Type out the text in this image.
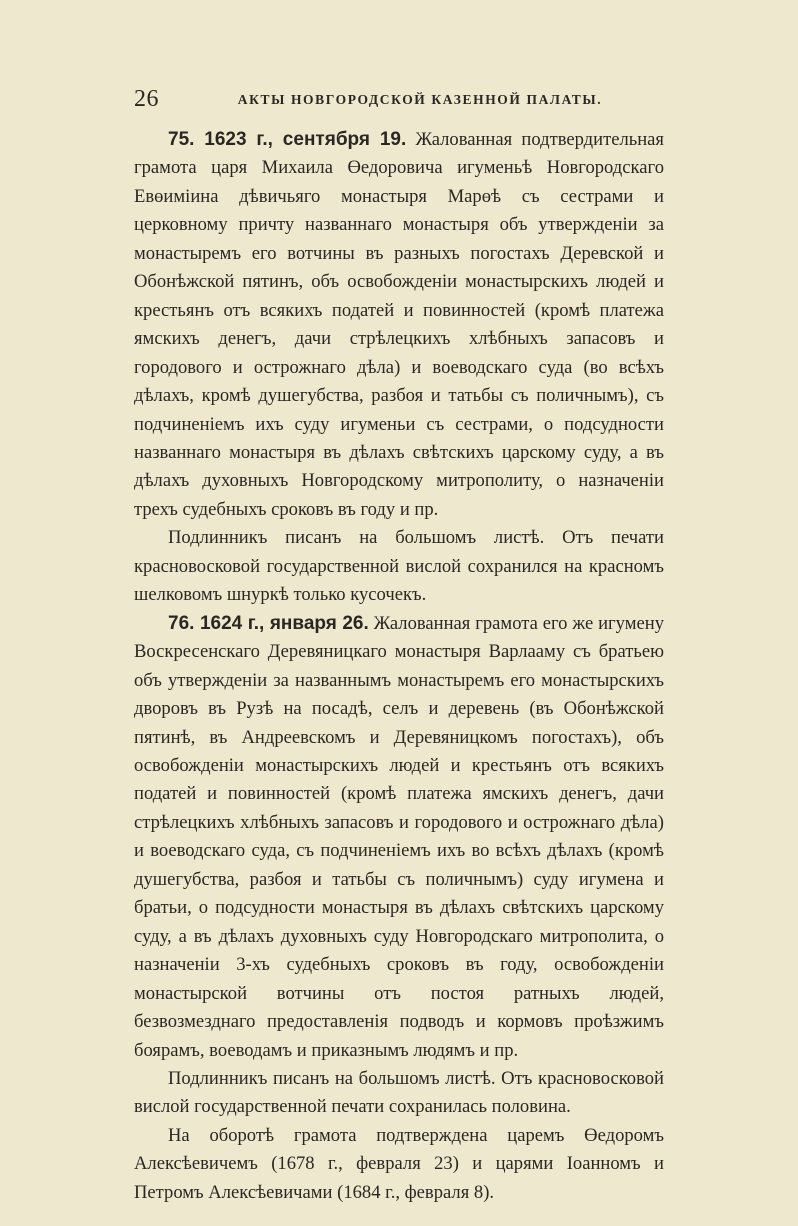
26	АКТЫ НОВГОРОДСКОЙ КАЗЕННОЙ ПАЛАТЫ.

75. 1623 г., сентября 19. Жалованная подтвердительная грамота царя Михаила Өедоровича игуменьѣ Новгородскаго Евөиміина дѣвичьяго монастыря Марөѣ съ сестрами и церковному причту названнаго монастыря объ утвержденіи за монастыремъ его вотчины въ разныхъ погостахъ Деревской и Обонѣжской пятинъ, объ освобожденіи монастырскихъ людей и крестьянъ отъ всякихъ податей и повинностей (кромѣ платежа ямскихъ денегъ, дачи стрѣлецкихъ хлѣбныхъ запасовъ и городового и острожнаго дѣла) и воеводскаго суда (во всѣхъ дѣлахъ, кромѣ душегубства, разбоя и татьбы съ поличнымъ), съ подчиненіемъ ихъ суду игуменьи съ сестрами, о подсудности названнаго монастыря въ дѣлахъ свѣтскихъ царскому суду, а въ дѣлахъ духовныхъ Новгородскому митрополиту, о назначеніи трехъ судебныхъ сроковъ въ году и пр.

Подлинникъ писанъ на большомъ листѣ. Отъ печати красновосковой государственной вислой сохранился на красномъ шелковомъ шнуркѣ только кусочекъ.

76. 1624 г., января 26. Жалованная грамота его же игумену Воскресенскаго Деревяницкаго монастыря Варлааму съ братьею объ утвержденіи за названнымъ монастыремъ его монастырскихъ дворовъ въ Рузѣ на посадѣ, селъ и деревень (въ Обонѣжской пятинѣ, въ Андреевскомъ и Деревяницкомъ погостахъ), объ освобожденіи монастырскихъ людей и крестьянъ отъ всякихъ податей и повинностей (кромѣ платежа ямскихъ денегъ, дачи стрѣлецкихъ хлѣбныхъ запасовъ и городового и острожнаго дѣла) и воеводскаго суда, съ подчиненіемъ ихъ во всѣхъ дѣлахъ (кромѣ душегубства, разбоя и татьбы съ поличнымъ) суду игумена и братьи, о подсудности монастыря въ дѣлахъ свѣтскихъ царскому суду, а въ дѣлахъ духовныхъ суду Новгородскаго митрополита, о назначеніи 3-хъ судебныхъ сроковъ въ году, освобожденіи монастырской вотчины отъ постоя ратныхъ людей, безвозмезднаго предоставленія подводъ и кормовъ проѣзжимъ боярамъ, воеводамъ и приказнымъ людямъ и пр.

Подлинникъ писанъ на большомъ листѣ. Отъ красновосковой вислой государственной печати сохранилась половина.

На оборотѣ грамота подтверждена царемъ Өедоромъ Алексѣевичемъ (1678 г., февраля 23) и царями Іоанномъ и Петромъ Алексѣевичами (1684 г., февраля 8).
